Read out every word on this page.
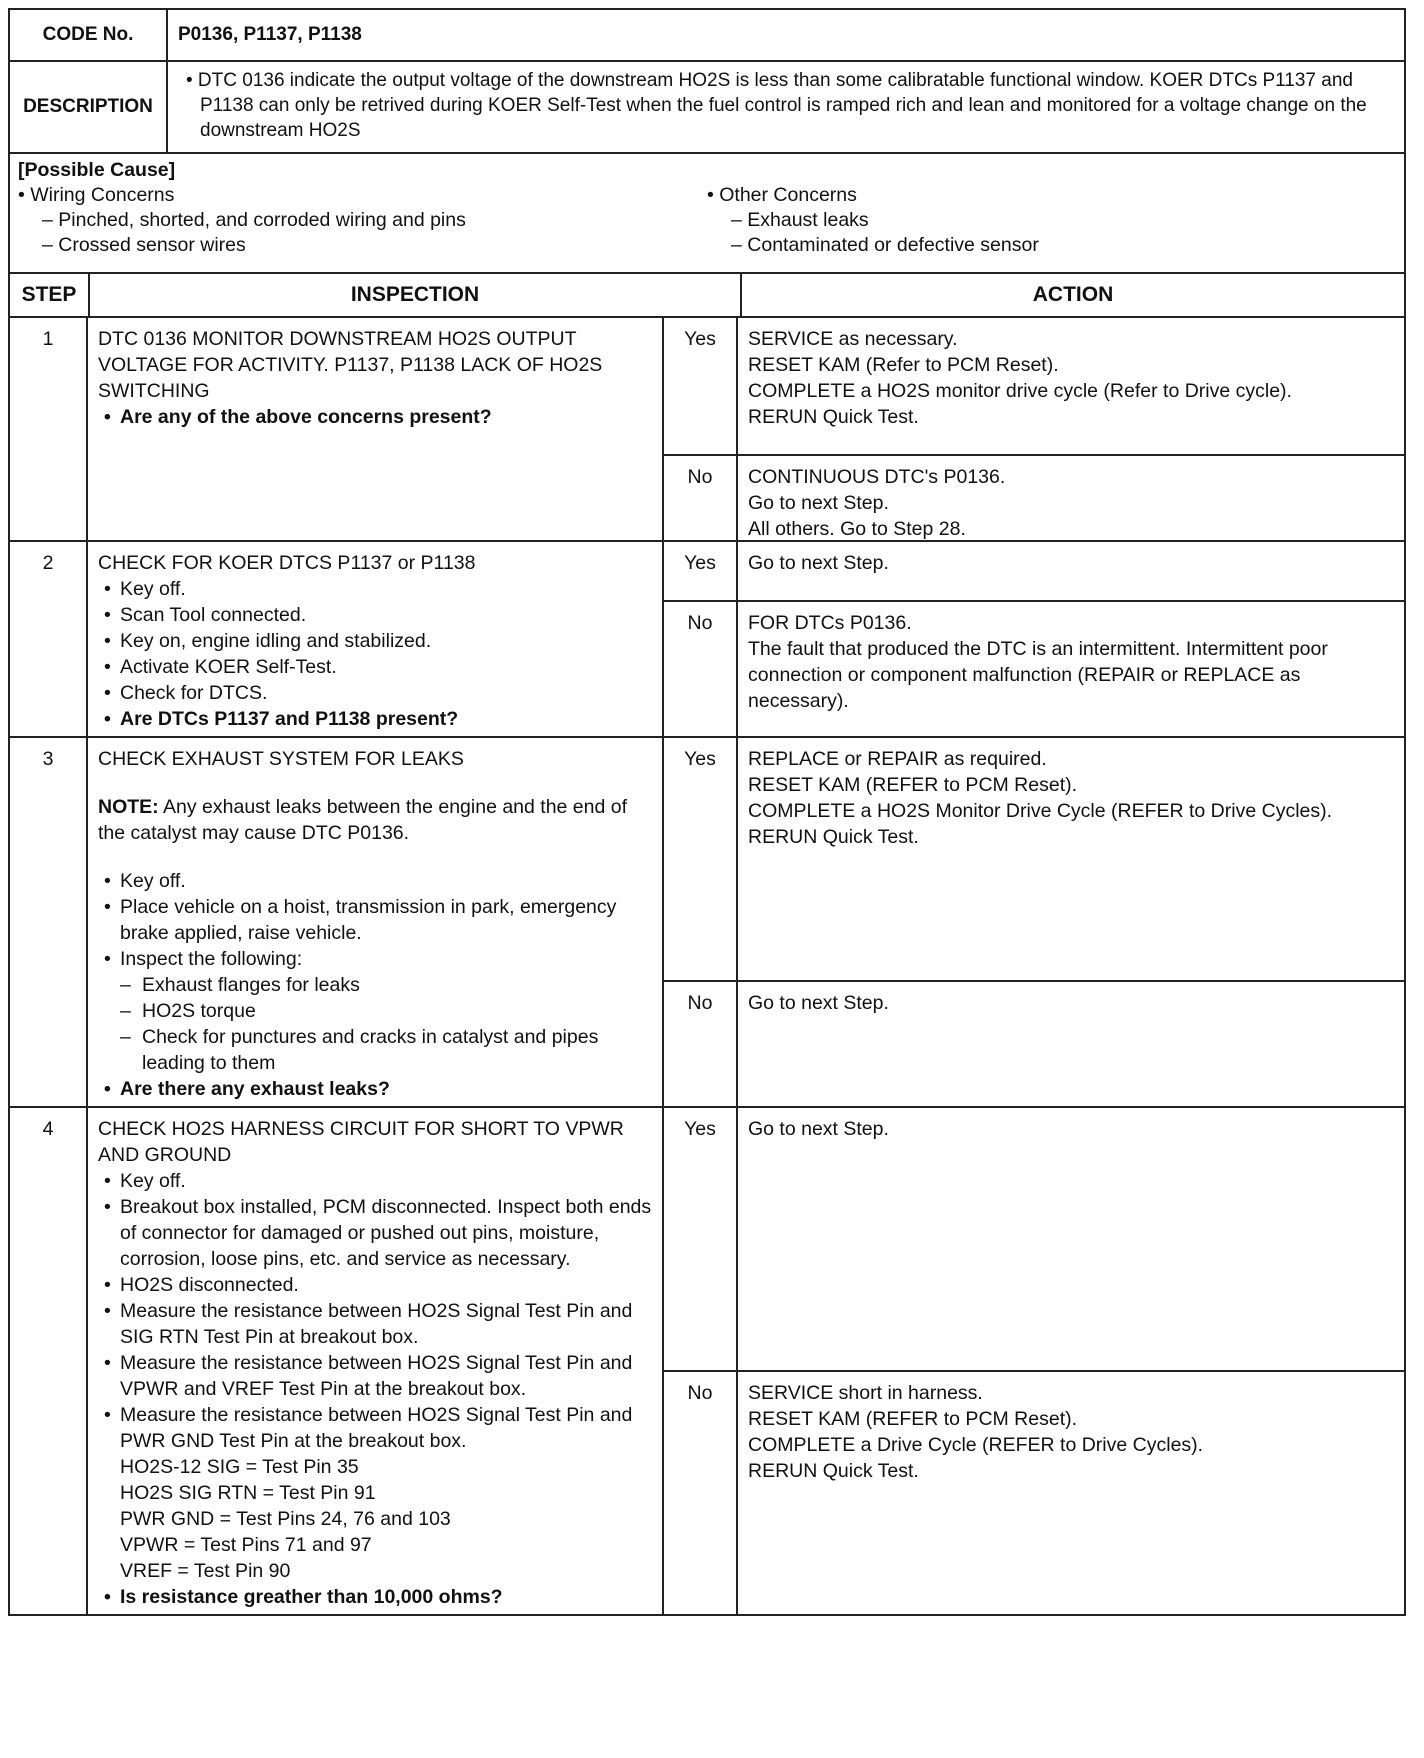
CODE No.	P0136, P1137, P1138
DESCRIPTION
• DTC 0136 indicate the output voltage of the downstream HO2S is less than some calibratable functional window. KOER DTCs P1137 and P1138 can only be retrived during KOER Self-Test when the fuel control is ramped rich and lean and monitored for a voltage change on the downstream HO2S
[Possible Cause]
• Wiring Concerns
– Pinched, shorted, and corroded wiring and pins
– Crossed sensor wires
• Other Concerns
– Exhaust leaks
– Contaminated or defective sensor
STEP	INSPECTION	ACTION
1	DTC 0136 MONITOR DOWNSTREAM HO2S OUTPUT VOLTAGE FOR ACTIVITY. P1137, P1138 LACK OF HO2S SWITCHING
• Are any of the above concerns present?
Yes	SERVICE as necessary.
RESET KAM (Refer to PCM Reset).
COMPLETE a HO2S monitor drive cycle (Refer to Drive cycle).
RERUN Quick Test.
No	CONTINUOUS DTC's P0136.
Go to next Step.
All others. Go to Step 28.
2	CHECK FOR KOER DTCS P1137 or P1138
• Key off.
• Scan Tool connected.
• Key on, engine idling and stabilized.
• Activate KOER Self-Test.
• Check for DTCS.
• Are DTCs P1137 and P1138 present?
Yes	Go to next Step.
No	FOR DTCs P0136.
The fault that produced the DTC is an intermittent. Intermittent poor connection or component malfunction (REPAIR or REPLACE as necessary).
3	CHECK EXHAUST SYSTEM FOR LEAKS
NOTE: Any exhaust leaks between the engine and the end of the catalyst may cause DTC P0136.
• Key off.
• Place vehicle on a hoist, transmission in park, emergency brake applied, raise vehicle.
• Inspect the following:
– Exhaust flanges for leaks
– HO2S torque
– Check for punctures and cracks in catalyst and pipes leading to them
• Are there any exhaust leaks?
Yes	REPLACE or REPAIR as required.
RESET KAM (REFER to PCM Reset).
COMPLETE a HO2S Monitor Drive Cycle (REFER to Drive Cycles).
RERUN Quick Test.
No	Go to next Step.
4	CHECK HO2S HARNESS CIRCUIT FOR SHORT TO VPWR AND GROUND
• Key off.
• Breakout box installed, PCM disconnected. Inspect both ends of connector for damaged or pushed out pins, moisture, corrosion, loose pins, etc. and service as necessary.
• HO2S disconnected.
• Measure the resistance between HO2S Signal Test Pin and SIG RTN Test Pin at breakout box.
• Measure the resistance between HO2S Signal Test Pin and VPWR and VREF Test Pin at the breakout box.
• Measure the resistance between HO2S Signal Test Pin and PWR GND Test Pin at the breakout box.
HO2S-12 SIG = Test Pin 35
HO2S SIG RTN = Test Pin 91
PWR GND = Test Pins 24, 76 and 103
VPWR = Test Pins 71 and 97
VREF = Test Pin 90
• Is resistance greather than 10,000 ohms?
Yes	Go to next Step.
No	SERVICE short in harness.
RESET KAM (REFER to PCM Reset).
COMPLETE a Drive Cycle (REFER to Drive Cycles).
RERUN Quick Test.
